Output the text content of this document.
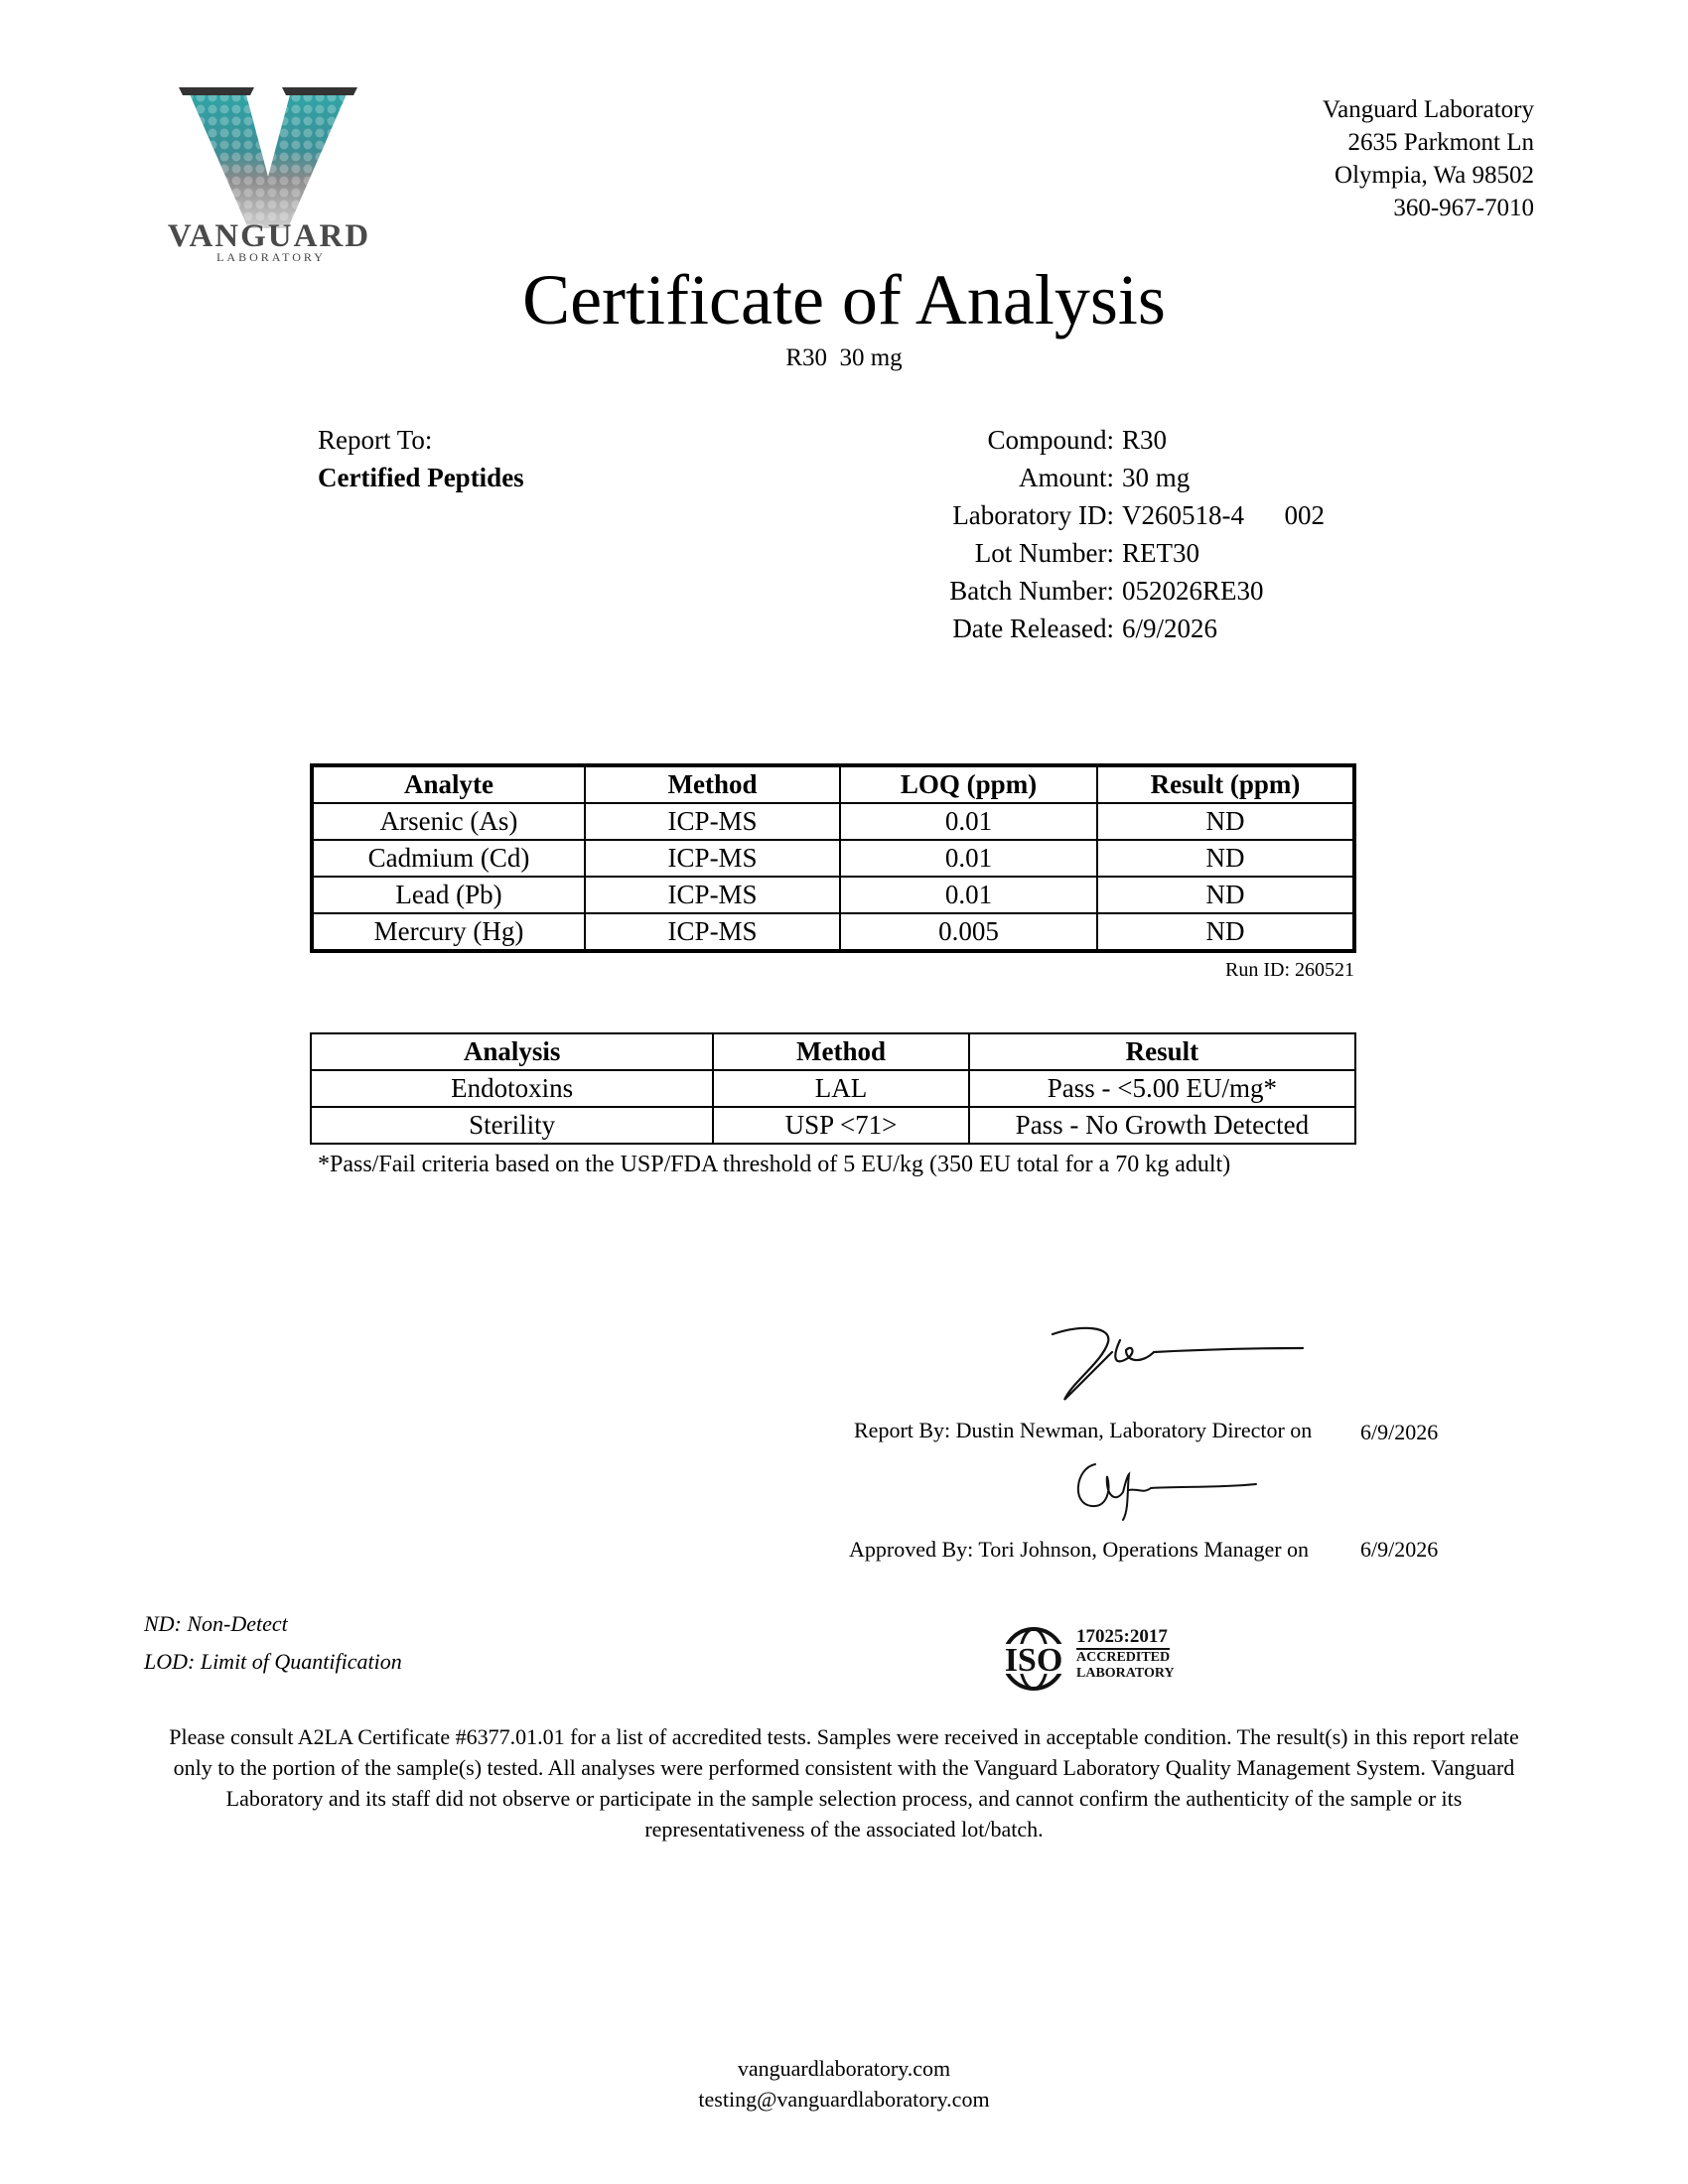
VANGUARD
LABORATORY
Vanguard Laboratory
2635 Parkmont Ln
Olympia, Wa 98502
360-967-7010
Certificate of Analysis
R30  30 mg
Report To:
Certified Peptides
Compound: R30
Amount: 30 mg
Laboratory ID: V260518-4      002
Lot Number: RET30
Batch Number: 052026RE30
Date Released: 6/9/2026
Analyte	Method	LOQ (ppm)	Result (ppm)
Arsenic (As)	ICP-MS	0.01	ND
Cadmium (Cd)	ICP-MS	0.01	ND
Lead (Pb)	ICP-MS	0.01	ND
Mercury (Hg)	ICP-MS	0.005	ND
Run ID: 260521
Analysis	Method	Result
Endotoxins	LAL	Pass - <5.00 EU/mg*
Sterility	USP <71>	Pass - No Growth Detected
*Pass/Fail criteria based on the USP/FDA threshold of 5 EU/kg (350 EU total for a 70 kg adult)
Report By: Dustin Newman, Laboratory Director on 6/9/2026
Approved By: Tori Johnson, Operations Manager on 6/9/2026
ND: Non-Detect
LOD: Limit of Quantification	ISO
17025:2017
ACCREDITED
LABORATORY
Please consult A2LA Certificate #6377.01.01 for a list of accredited tests. Samples were received in acceptable condition. The result(s) in this report relate only to the portion of the sample(s) tested. All analyses were performed consistent with the Vanguard Laboratory Quality Management System. Vanguard Laboratory and its staff did not observe or participate in the sample selection process, and cannot confirm the authenticity of the sample or its representativeness of the associated lot/batch.
vanguardlaboratory.com
testing@vanguardlaboratory.com
